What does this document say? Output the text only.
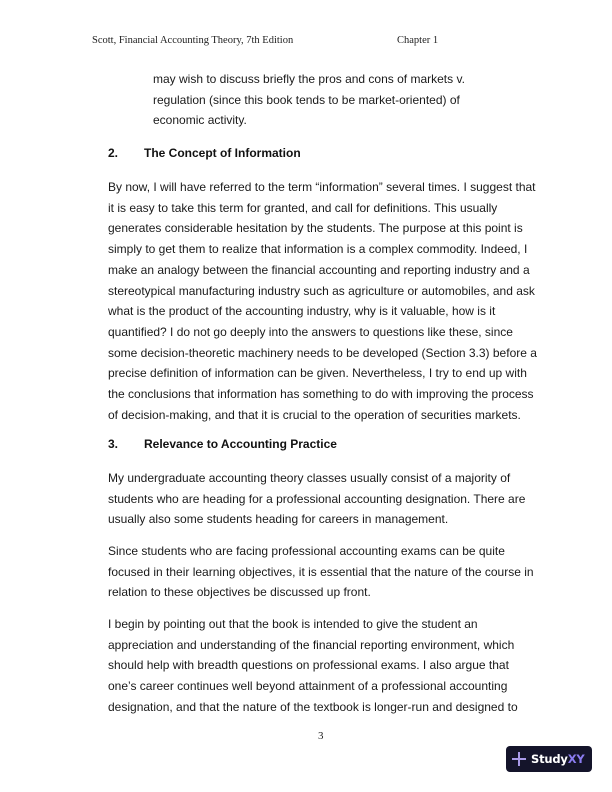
Scott, Financial Accounting Theory, 7th Edition	Chapter 1
may wish to discuss briefly the pros and cons of markets v.
regulation (since this book tends to be market-oriented) of
economic activity.
2. The Concept of Information
By now, I will have referred to the term “information” several times. I suggest that
it is easy to take this term for granted, and call for definitions. This usually
generates considerable hesitation by the students. The purpose at this point is
simply to get them to realize that information is a complex commodity. Indeed, I
make an analogy between the financial accounting and reporting industry and a
stereotypical manufacturing industry such as agriculture or automobiles, and ask
what is the product of the accounting industry, why is it valuable, how is it
quantified? I do not go deeply into the answers to questions like these, since
some decision-theoretic machinery needs to be developed (Section 3.3) before a
precise definition of information can be given. Nevertheless, I try to end up with
the conclusions that information has something to do with improving the process
of decision-making, and that it is crucial to the operation of securities markets.
3. Relevance to Accounting Practice
My undergraduate accounting theory classes usually consist of a majority of
students who are heading for a professional accounting designation. There are
usually also some students heading for careers in management.
Since students who are facing professional accounting exams can be quite
focused in their learning objectives, it is essential that the nature of the course in
relation to these objectives be discussed up front.
I begin by pointing out that the book is intended to give the student an
appreciation and understanding of the financial reporting environment, which
should help with breadth questions on professional exams. I also argue that
one’s career continues well beyond attainment of a professional accounting
designation, and that the nature of the textbook is longer-run and designed to
3
StudyXY
